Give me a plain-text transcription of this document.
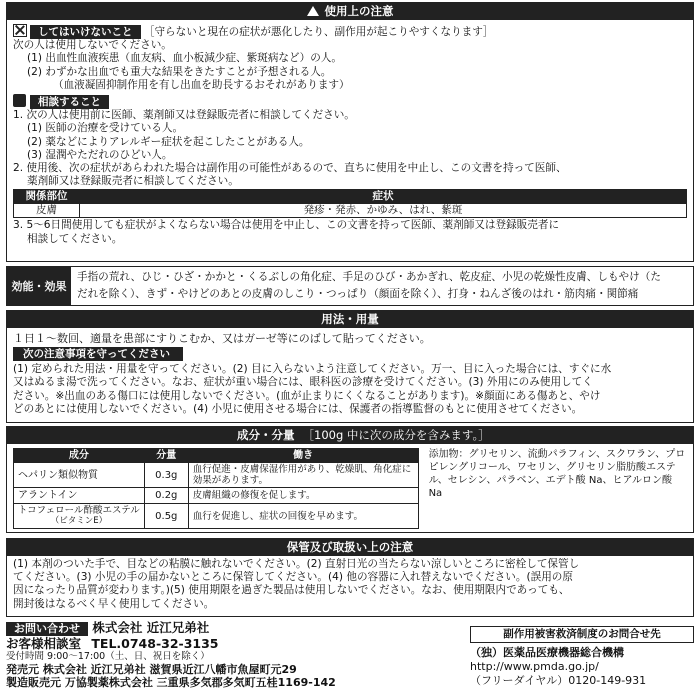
使用上の注意
してはいけないこと ［守らないと現在の症状が悪化したり、副作用が起こりやすくなります］
次の人は使用しないでください。
(1) 出血性血液疾患（血友病、血小板減少症、紫斑病など）の人。
(2) わずかな出血でも重大な結果をきたすことが予想される人。
（血液凝固抑制作用を有し出血を助長するおそれがあります）
相談すること
1. 次の人は使用前に医師、薬剤師又は登録販売者に相談してください。
(1) 医師の治療を受けている人。
(2) 薬などによりアレルギー症状を起こしたことがある人。
(3) 湿潤やただれのひどい人。
2. 使用後、次の症状があらわれた場合は副作用の可能性があるので、直ちに使用を中止し、この文書を持って医師、
薬剤師又は登録販売者に相談してください。
関係部位	症状
皮膚	発疹・発赤、かゆみ、はれ、紫斑
3. 5～6日間使用しても症状がよくならない場合は使用を中止し、この文書を持って医師、薬剤師又は登録販売者に
相談してください。
効能・効果
手指の荒れ、ひじ・ひざ・かかと・くるぶしの角化症、手足のひび・あかぎれ、乾皮症、小児の乾燥性皮膚、しもやけ（た
だれを除く）、きず・やけどのあとの皮膚のしこり・つっぱり（顔面を除く）、打身・ねんざ後のはれ・筋肉痛・関節痛
用法・用量
１日１～数回、適量を患部にすりこむか、又はガーゼ等にのばして貼ってください。
次の注意事項を守ってください
(1) 定められた用法・用量を守ってください。(2) 目に入らないよう注意してください。万一、目に入った場合には、すぐに水
又はぬるま湯で洗ってください。なお、症状が重い場合には、眼科医の診療を受けてください。(3) 外用にのみ使用してく
ださい。※出血のある傷口には使用しないでください。(血が止まりにくくなることがあります)。※顔面にある傷あと、やけ
どのあとには使用しないでください。(4) 小児に使用させる場合には、保護者の指導監督のもとに使用させてください。
成分・分量 ［100g 中に次の成分を含みます。］
成分	分量	働き
ヘパリン類似物質	0.3g	血行促進・皮膚保湿作用があり、乾燥肌、角化症に効果があります。
アラントイン	0.2g	皮膚組織の修復を促します。

トコフェロール酢酸エステル
（ビタミンE）	0.5g	血行を促進し、症状の回復を早めます。
添加物：グリセリン、流動パラフィン、スクワラン、プロピレングリコール、ワセリン、グリセリン脂肪酸エステル、セレシン、パラベン、エデト酸 Na、ヒアルロン酸 Na
保管及び取扱い上の注意
(1) 本剤のついた手で、目などの粘膜に触れないでください。(2) 直射日光の当たらない涼しいところに密栓して保管し
てください。(3) 小児の手の届かないところに保管してください。(4) 他の容器に入れ替えないでください。(誤用の原
因になったり品質が変わります。)(5) 使用期限を過ぎた製品は使用しないでください。なお、使用期限内であっても、
開封後はなるべく早く使用してください。
お問い合わせ 株式会社 近江兄弟社
お客様相談室 TEL.0748-32-3135
受付時間 9:00～17:00（土、日、祝日を除く）
発売元 株式会社 近江兄弟社 滋賀県近江八幡市魚屋町元29
製造販売元 万協製薬株式会社 三重県多気郡多気町五桂1169-142
副作用被害救済制度のお問合せ先
（独）医薬品医療機器総合機構
http://www.pmda.go.jp/
（フリーダイヤル）0120-149-931
